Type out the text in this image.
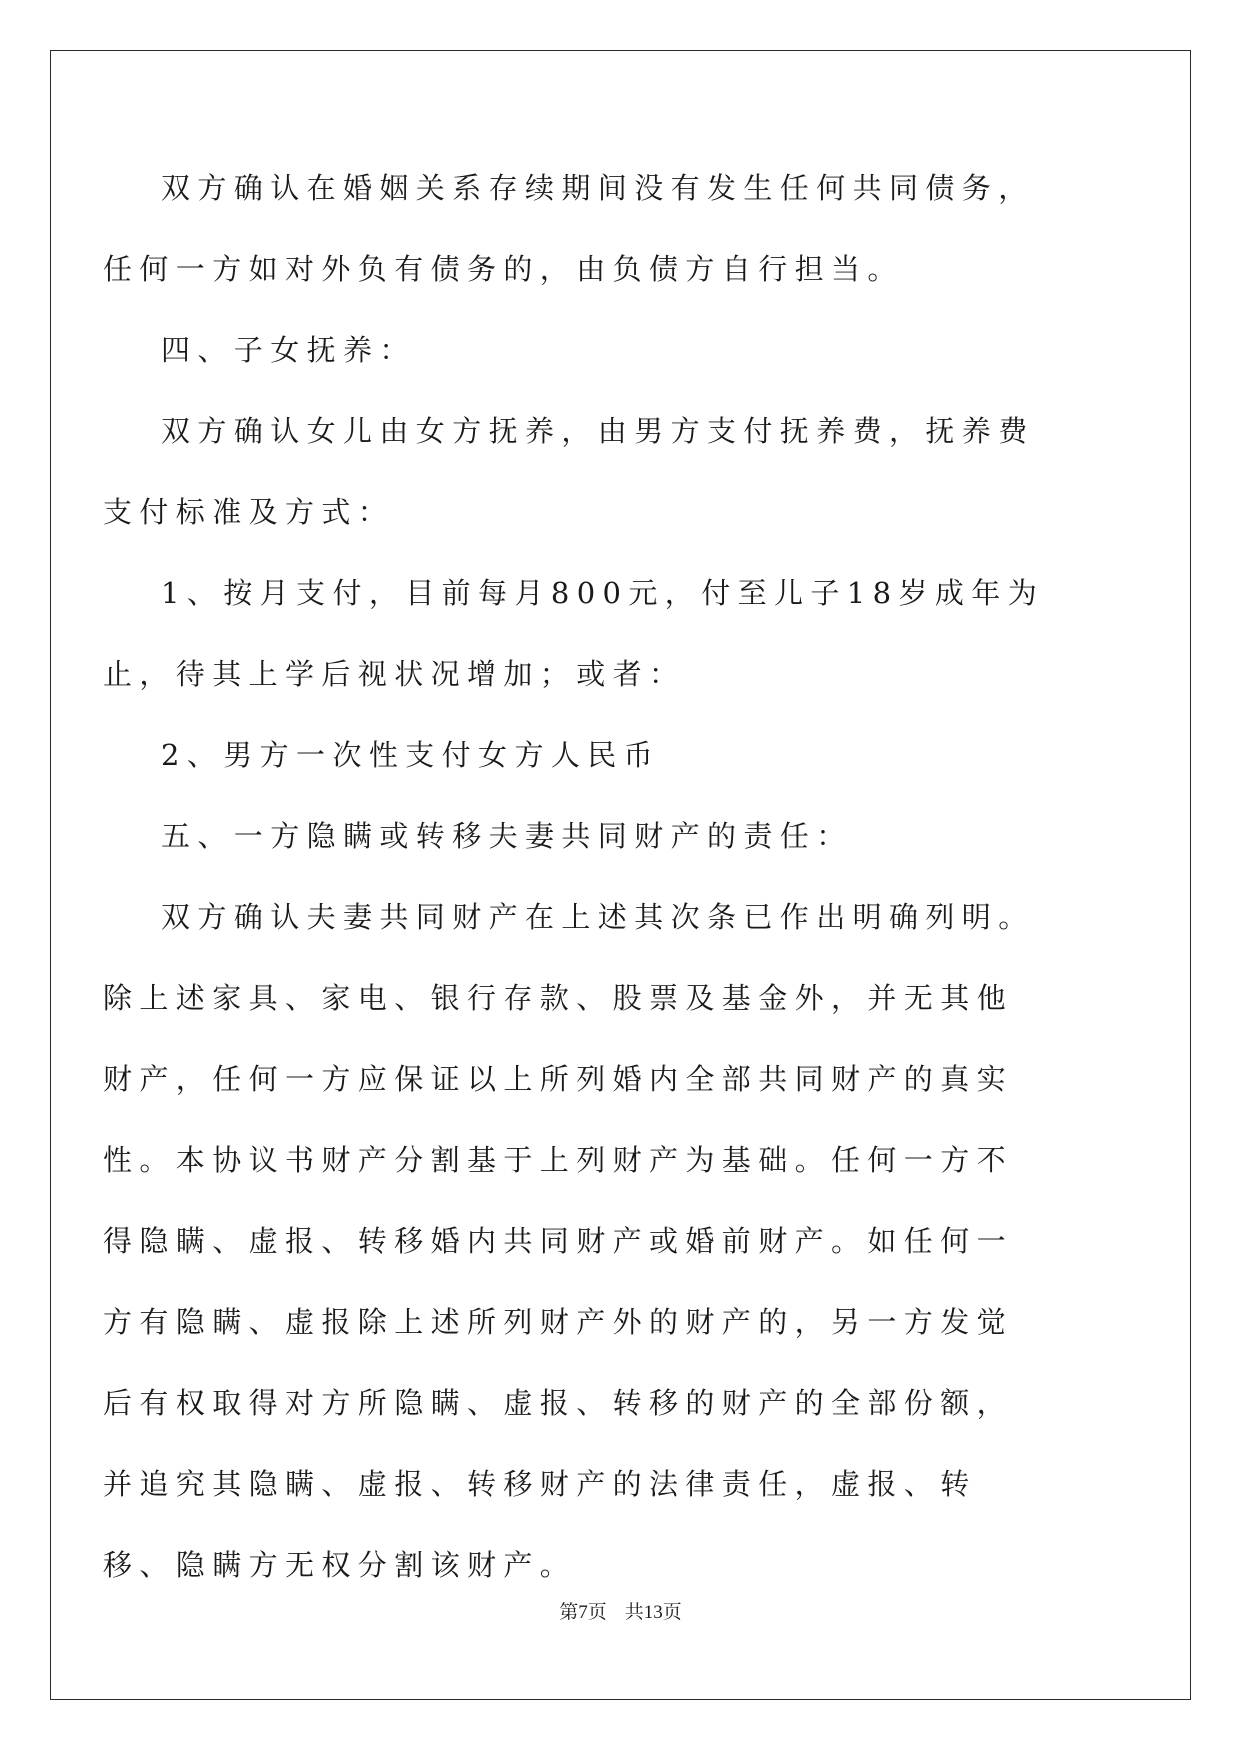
双方确认在婚姻关系存续期间没有发生任何共同债务，任何一方如对外负有债务的，由负债方自行担当。

四、子女抚养：

双方确认女儿由女方抚养，由男方支付抚养费，抚养费支付标准及方式：

1、按月支付，目前每月800元，付至儿子18岁成年为止，待其上学后视状况增加；或者：

2、男方一次性支付女方人民币

五、一方隐瞒或转移夫妻共同财产的责任：

双方确认夫妻共同财产在上述其次条已作出明确列明。除上述家具、家电、银行存款、股票及基金外，并无其他财产，任何一方应保证以上所列婚内全部共同财产的真实性。本协议书财产分割基于上列财产为基础。任何一方不得隐瞒、虚报、转移婚内共同财产或婚前财产。如任何一方有隐瞒、虚报除上述所列财产外的财产的，另一方发觉后有权取得对方所隐瞒、虚报、转移的财产的全部份额，并追究其隐瞒、虚报、转移财产的法律责任，虚报、转移、隐瞒方无权分割该财产。

第7页 共13页
